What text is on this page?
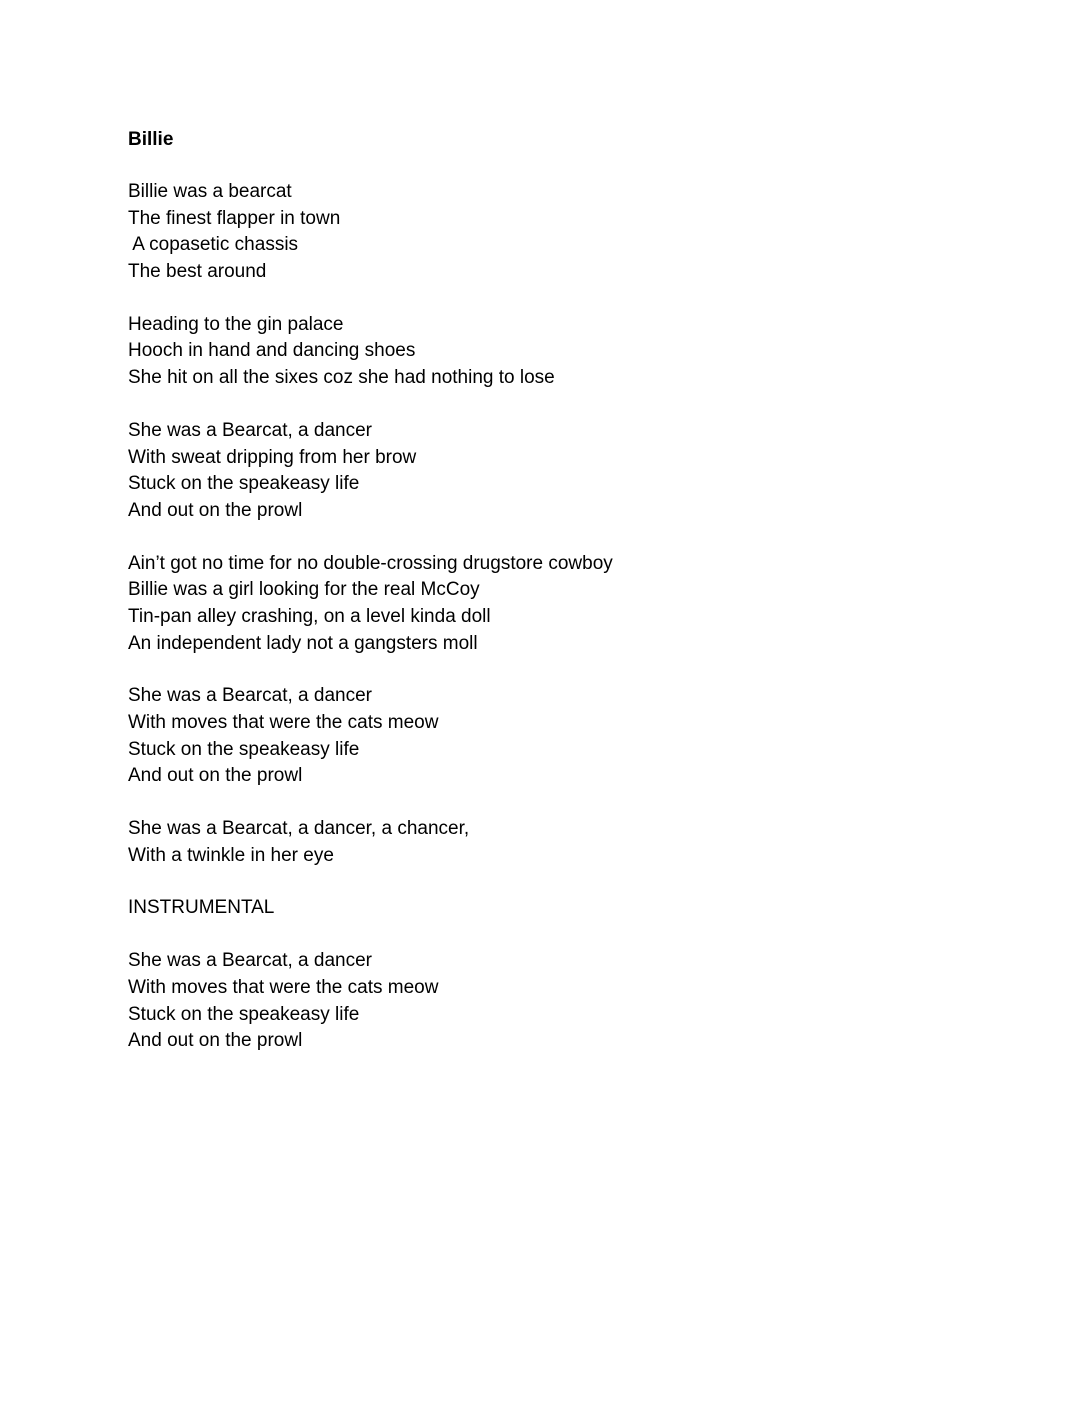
Billie
Billie was a bearcat
The finest flapper in town
A copasetic chassis
The best around
Heading to the gin palace
Hooch in hand and dancing shoes
She hit on all the sixes coz she had nothing to lose
She was a Bearcat, a dancer
With sweat dripping from her brow
Stuck on the speakeasy life
And out on the prowl
Ain’t got no time for no double-crossing drugstore cowboy
Billie was a girl looking for the real McCoy
Tin-pan alley crashing, on a level kinda doll
An independent lady not a gangsters moll
She was a Bearcat, a dancer
With moves that were the cats meow
Stuck on the speakeasy life
And out on the prowl
She was a Bearcat, a dancer, a chancer,
With a twinkle in her eye
INSTRUMENTAL
She was a Bearcat, a dancer
With moves that were the cats meow
Stuck on the speakeasy life
And out on the prowl
